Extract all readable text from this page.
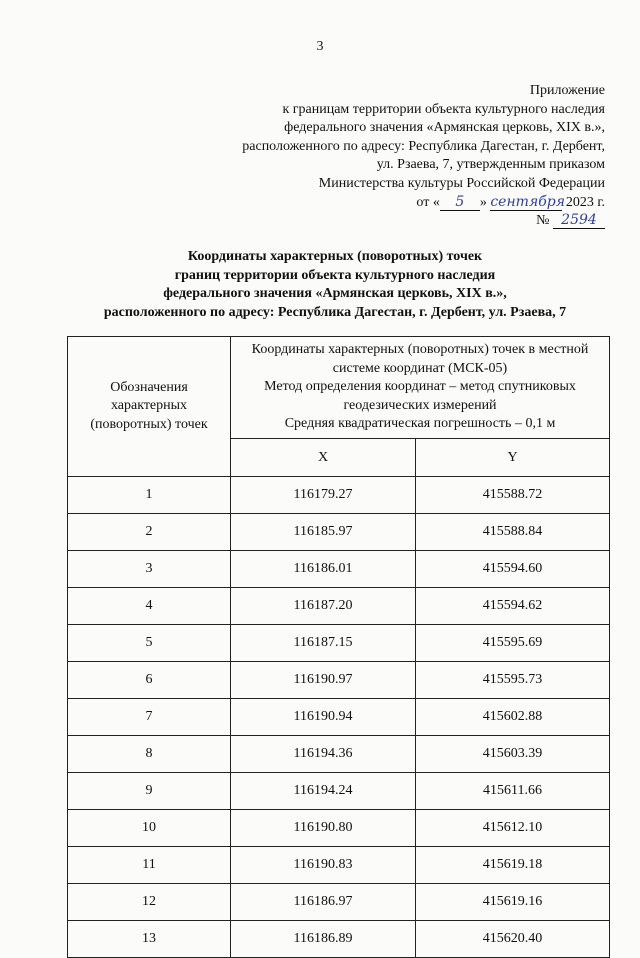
3
Приложение
к границам территории объекта культурного наследия
федерального значения «Армянская церковь, XIX в.»,
расположенного по адресу: Республика Дагестан, г. Дербент,
ул. Рзаева, 7, утвержденным приказом
Министерства культуры Российской Федерации
от « 5 » сентября 2023 г.
№ 2594
Координаты характерных (поворотных) точек
границ территории объекта культурного наследия
федерального значения «Армянская церковь, XIX в.»,
расположенного по адресу: Республика Дагестан, г. Дербент, ул. Рзаева, 7
Обозначения
характерных
(поворотных) точек	Координаты характерных (поворотных) точек в местной
системе координат (МСК-05)
Метод определения координат – метод спутниковых
геодезических измерений
Средняя квадратическая погрешность – 0,1 м	

	X	Y
1	116179.27	415588.72
2	116185.97	415588.84
3	116186.01	415594.60
4	116187.20	415594.62
5	116187.15	415595.69
6	116190.97	415595.73
7	116190.94	415602.88
8	116194.36	415603.39
9	116194.24	415611.66
10	116190.80	415612.10
11	116190.83	415619.18
12	116186.97	415619.16
13	116186.89	415620.40
